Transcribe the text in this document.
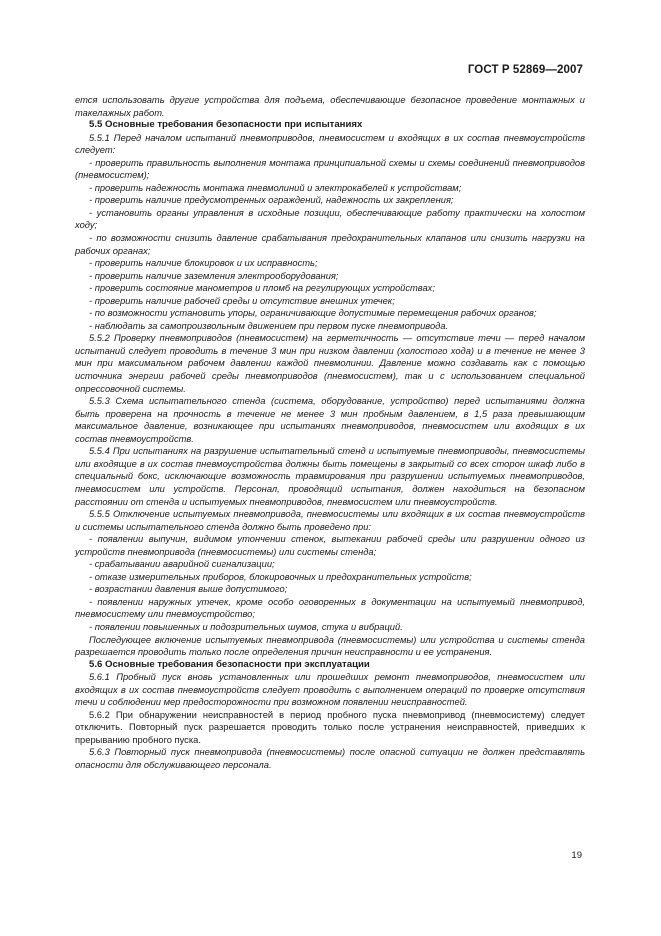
ГОСТ Р 52869—2007

ется использовать другие устройства для подъема, обеспечивающие безопасное проведение монтажных и такелажных работ.

5.5 Основные требования безопасности при испытаниях

5.5.1 Перед началом испытаний пневмоприводов, пневмосистем и входящих в их состав пневмоустройств следует:

- проверить правильность выполнения монтажа принципиальной схемы и схемы соединений пневмоприводов (пневмосистем);

- проверить надежность монтажа пневмолиний и электрокабелей к устройствам;

- проверить наличие предусмотренных ограждений, надежность их закрепления;

- установить органы управления в исходные позиции, обеспечивающие работу практически на холостом ходу;

- по возможности снизить давление срабатывания предохранительных клапанов или снизить нагрузки на рабочих органах;

- проверить наличие блокировок и их исправность;

- проверить наличие заземления электрооборудования;

- проверить состояние манометров и пломб на регулирующих устройствах;

- проверить наличие рабочей среды и отсутствие внешних утечек;

- по возможности установить упоры, ограничивающие допустимые перемещения рабочих органов;

- наблюдать за самопроизвольным движением при первом пуске пневмопривода.

5.5.2 Проверку пневмоприводов (пневмосистем) на герметичность — отсутствие течи — перед началом испытаний следует проводить в течение 3 мин при низком давлении (холостого хода) и в течение не менее 3 мин при максимальном рабочем давлении каждой пневмолинии. Давление можно создавать как с помощью источника энергии рабочей среды пневмоприводов (пневмосистем), так и с использованием специальной опрессовочной системы.

5.5.3 Схема испытательного стенда (система, оборудование, устройство) перед испытаниями должна быть проверена на прочность в течение не менее 3 мин пробным давлением, в 1,5 раза превышающим максимальное давление, возникающее при испытаниях пневмоприводов, пневмосистем или входящих в их состав пневмоустройств.

5.5.4 При испытаниях на разрушение испытательный стенд и испытуемые пневмоприводы, пневмосистемы или входящие в их состав пневмоустройства должны быть помещены в закрытый со всех сторон шкаф либо в специальный бокс, исключающие возможность травмирования при разрушении испытуемых пневмоприводов, пневмосистем или устройств. Персонал, проводящий испытания, должен находиться на безопасном расстоянии от стенда и испытуемых пневмоприводов, пневмосистем или пневмоустройств.

5.5.5 Отключение испытуемых пневмопривода, пневмосистемы или входящих в их состав пневмоустройств и системы испытательного стенда должно быть проведено при:

- появлении выпучин, видимом утончении стенок, вытекании рабочей среды или разрушении одного из устройств пневмопривода (пневмосистемы) или системы стенда;

- срабатывании аварийной сигнализации;

- отказе измерительных приборов, блокировочных и предохранительных устройств;

- возрастании давления выше допустимого;

- появлении наружных утечек, кроме особо оговоренных в документации на испытуемый пневмопривод, пневмосистему или пневмоустройство;

- появлении повышенных и подозрительных шумов, стука и вибраций.

Последующее включение испытуемых пневмопривода (пневмосистемы) или устройства и системы стенда разрешается проводить только после определения причин неисправности и ее устранения.

5.6 Основные требования безопасности при эксплуатации

5.6.1 Пробный пуск вновь установленных или прошедших ремонт пневмоприводов, пневмосистем или входящих в их состав пневмоустройств следует проводить с выполнением операций по проверке отсутствия течи и соблюдении мер предосторожности при возможном появлении неисправностей.

5.6.2 При обнаружении неисправностей в период пробного пуска пневмопривод (пневмосистему) следует отключить. Повторный пуск разрешается проводить только после устранения неисправностей, приведших к прерыванию пробного пуска.

5.6.3 Повторный пуск пневмопривода (пневмосистемы) после опасной ситуации не должен представлять опасности для обслуживающего персонала.

19
